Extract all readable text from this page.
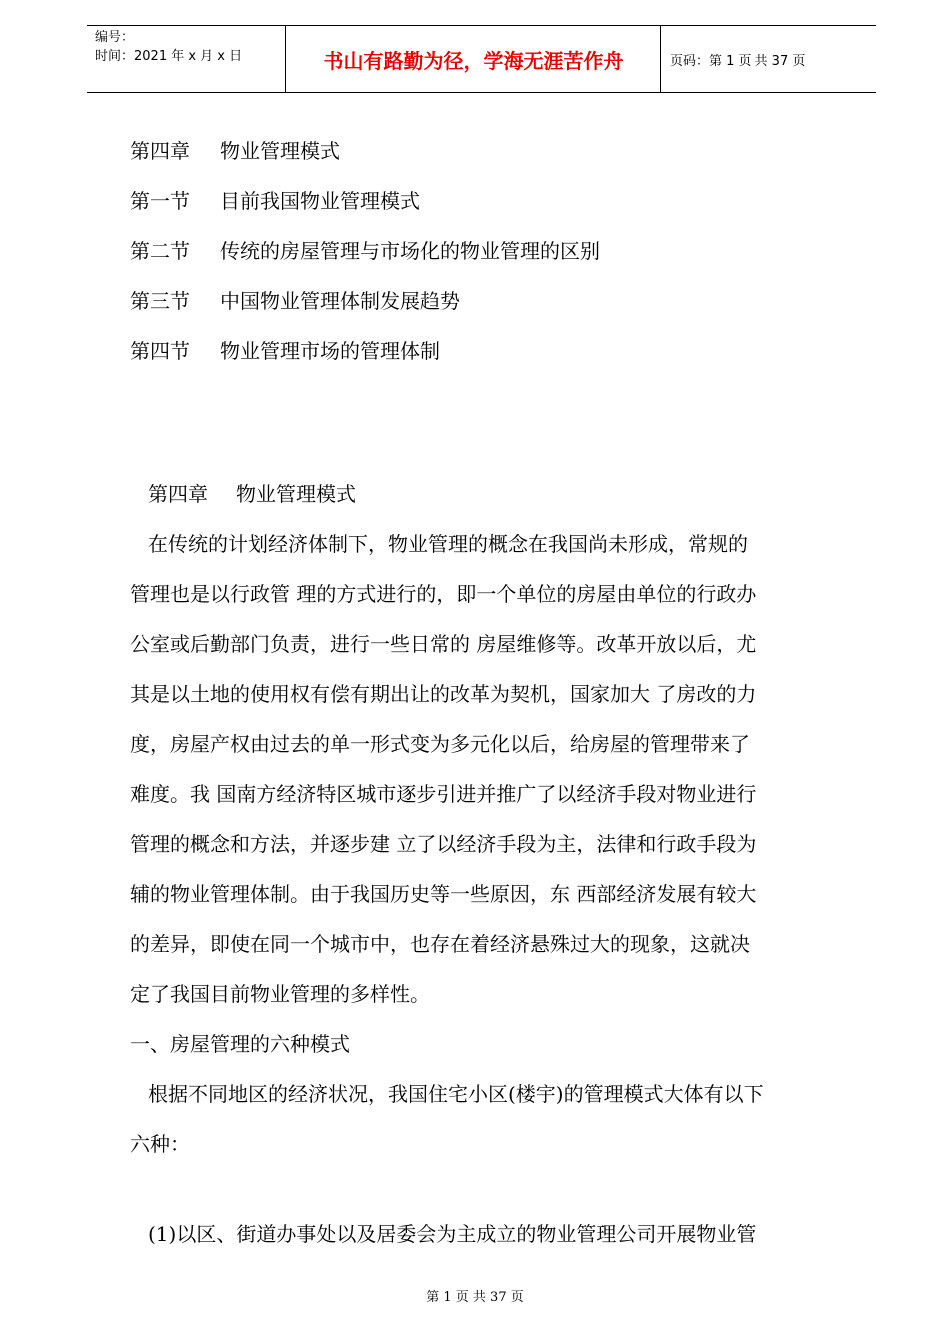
编号：
时间：2021 年 x 月 x 日	书山有路勤为径，学海无涯苦作舟	页码：第 1 页 共 37 页
第四章 物业管理模式
第一节 目前我国物业管理模式
第二节 传统的房屋管理与市场化的物业管理的区别
第三节 中国物业管理体制发展趋势
第四节 物业管理市场的管理体制

第四章 物业管理模式

在传统的计划经济体制下，物业管理的概念在我国尚未形成，常规的

管理也是以行政管 理的方式进行的，即一个单位的房屋由单位的行政办

公室或后勤部门负责，进行一些日常的 房屋维修等。改革开放以后，尤

其是以土地的使用权有偿有期出让的改革为契机，国家加大 了房改的力

度，房屋产权由过去的单一形式变为多元化以后，给房屋的管理带来了

难度。我 国南方经济特区城市逐步引进并推广了以经济手段对物业进行

管理的概念和方法，并逐步建 立了以经济手段为主，法律和行政手段为

辅的物业管理体制。由于我国历史等一些原因，东 西部经济发展有较大

的差异，即使在同一个城市中，也存在着经济悬殊过大的现象，这就决

定了我国目前物业管理的多样性。

一、房屋管理的六种模式

根据不同地区的经济状况，我国住宅小区(楼宇)的管理模式大体有以下

六种：

(1)以区、街道办事处以及居委会为主成立的物业管理公司开展物业管

第 1 页 共 37 页
